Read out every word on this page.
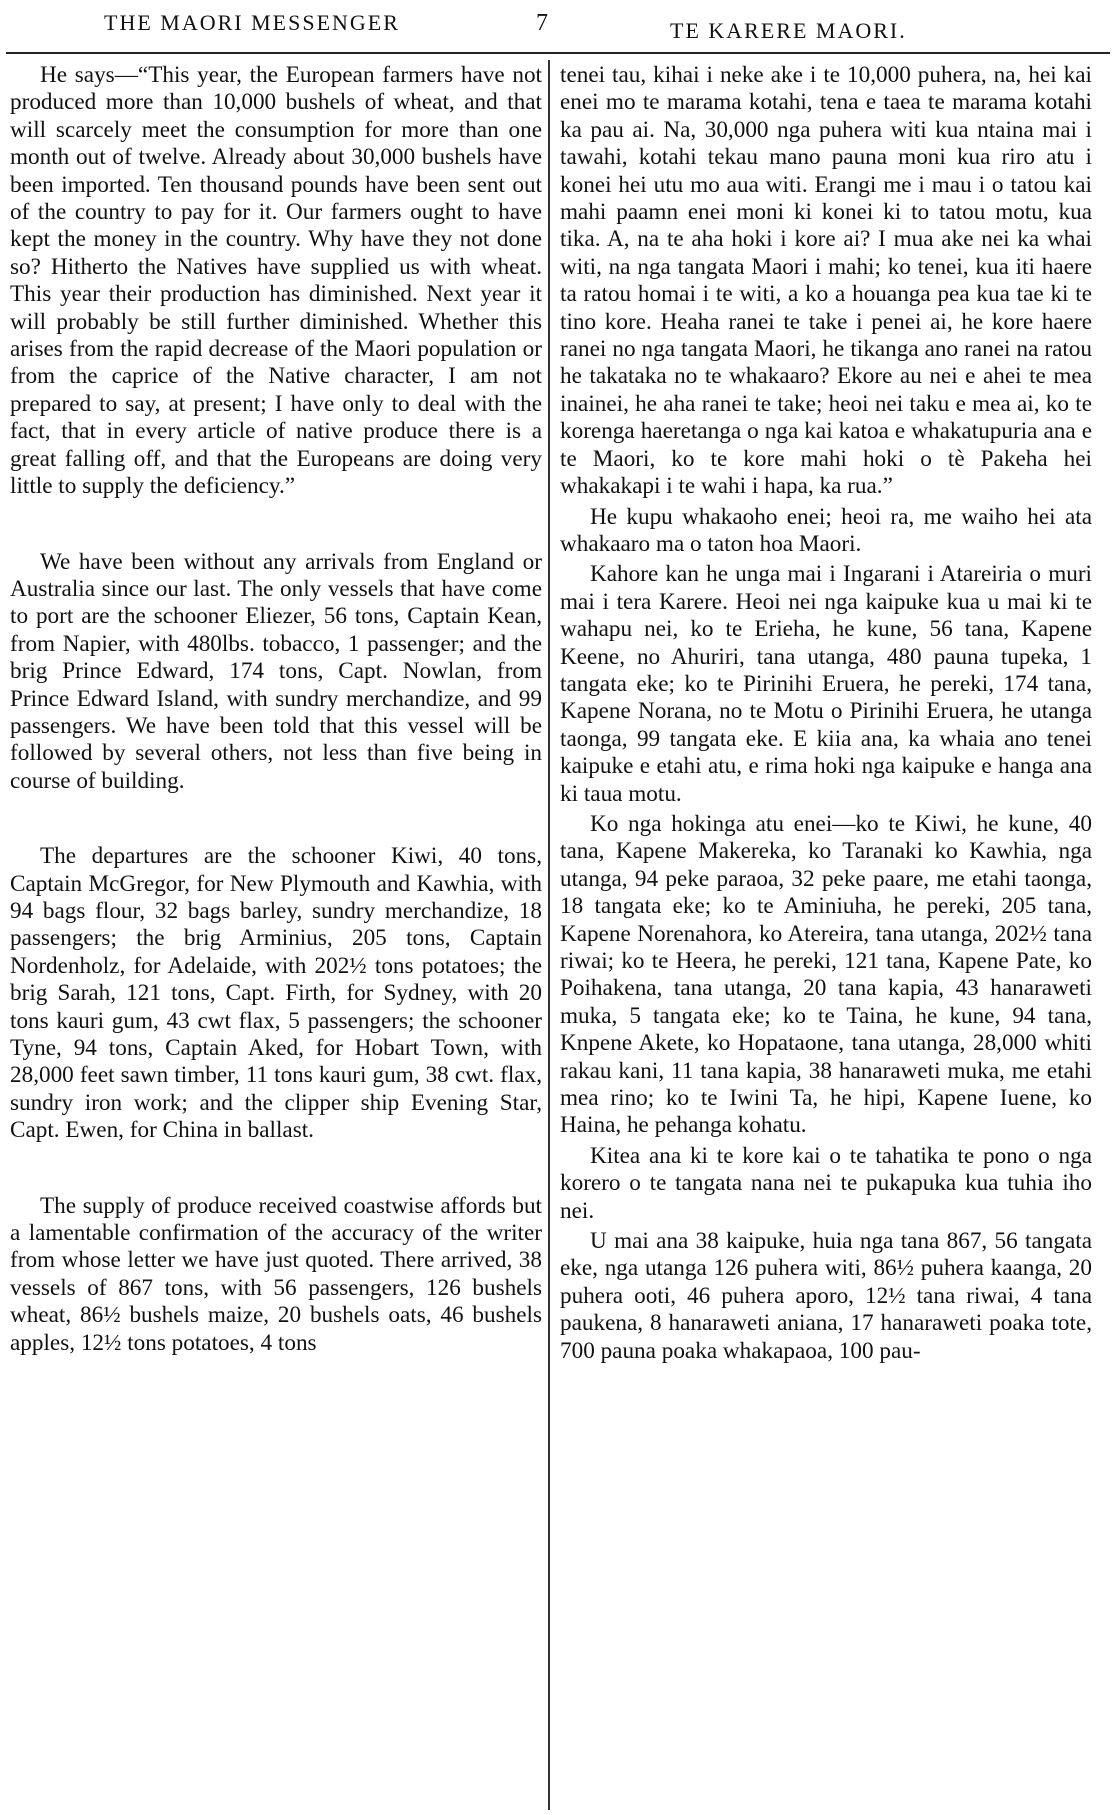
THE MAORI MESSENGER	7	TE KARERE MAORI.

He says—“This year, the European farmers have not produced more than 10,000 bushels of wheat, and that will scarcely meet the consumption for more than one month out of twelve. Already about 30,000 bushels have been imported. Ten thousand pounds have been sent out of the country to pay for it. Our farmers ought to have kept the money in the country. Why have they not done so? Hitherto the Natives have supplied us with wheat. This year their production has diminished. Next year it will probably be still further diminished. Whether this arises from the rapid decrease of the Maori population or from the caprice of the Native character, I am not prepared to say, at present; I have only to deal with the fact, that in every article of native produce there is a great falling off, and that the Europeans are doing very little to supply the deficiency.”

We have been without any arrivals from England or Australia since our last. The only vessels that have come to port are the schooner Eliezer, 56 tons, Captain Kean, from Napier, with 480lbs. tobacco, 1 passenger; and the brig Prince Edward, 174 tons, Capt. Nowlan, from Prince Edward Island, with sundry merchandize, and 99 passengers. We have been told that this vessel will be followed by several others, not less than five being in course of building.

The departures are the schooner Kiwi, 40 tons, Captain McGregor, for New Plymouth and Kawhia, with 94 bags flour, 32 bags barley, sundry merchandize, 18 passengers; the brig Arminius, 205 tons, Captain Nordenholz, for Adelaide, with 202½ tons potatoes; the brig Sarah, 121 tons, Capt. Firth, for Sydney, with 20 tons kauri gum, 43 cwt flax, 5 passengers; the schooner Tyne, 94 tons, Captain Aked, for Hobart Town, with 28,000 feet sawn timber, 11 tons kauri gum, 38 cwt. flax, sundry iron work; and the clipper ship Evening Star, Capt. Ewen, for China in ballast.

The supply of produce received coastwise affords but a lamentable confirmation of the accuracy of the writer from whose letter we have just quoted. There arrived, 38 vessels of 867 tons, with 56 passengers, 126 bushels wheat, 86½ bushels maize, 20 bushels oats, 46 bushels apples, 12½ tons potatoes, 4 tons

tenei tau, kihai i neke ake i te 10,000 puhera, na, hei kai enei mo te marama kotahi, tena e taea te marama kotahi ka pau ai. Na, 30,000 nga puhera witi kua ntaina mai i tawahi, kotahi tekau mano pauna moni kua riro atu i konei hei utu mo aua witi. Erangi me i mau i o tatou kai mahi paamn enei moni ki konei ki to tatou motu, kua tika. A, na te aha hoki i kore ai? I mua ake nei ka whai witi, na nga tangata Maori i mahi; ko tenei, kua iti haere ta ratou homai i te witi, a ko a houanga pea kua tae ki te tino kore. Heaha ranei te take i penei ai, he kore haere ranei no nga tangata Maori, he tikanga ano ranei na ratou he takataka no te whakaaro? Ekore au nei e ahei te mea inainei, he aha ranei te take; heoi nei taku e mea ai, ko te korenga haeretanga o nga kai katoa e whakatupuria ana e te Maori, ko te kore mahi hoki o tè Pakeha hei whakakapi i te wahi i hapa, ka rua.”

He kupu whakaoho enei; heoi ra, me waiho hei ata whakaaro ma o taton hoa Maori.

Kahore kan he unga mai i Ingarani i Atareiria o muri mai i tera Karere. Heoi nei nga kaipuke kua u mai ki te wahapu nei, ko te Erieha, he kune, 56 tana, Kapene Keene, no Ahuriri, tana utanga, 480 pauna tupeka, 1 tangata eke; ko te Pirinihi Eruera, he pereki, 174 tana, Kapene Norana, no te Motu o Pirinihi Eruera, he utanga taonga, 99 tangata eke. E kiia ana, ka whaia ano tenei kaipuke e etahi atu, e rima hoki nga kaipuke e hanga ana ki taua motu.

Ko nga hokinga atu enei—ko te Kiwi, he kune, 40 tana, Kapene Makereka, ko Taranaki ko Kawhia, nga utanga, 94 peke paraoa, 32 peke paare, me etahi taonga, 18 tangata eke; ko te Aminiuha, he pereki, 205 tana, Kapene Norenahora, ko Atereira, tana utanga, 202½ tana riwai; ko te Heera, he pereki, 121 tana, Kapene Pate, ko Poihakena, tana utanga, 20 tana kapia, 43 hanaraweti muka, 5 tangata eke; ko te Taina, he kune, 94 tana, Knpene Akete, ko Hopataone, tana utanga, 28,000 whiti rakau kani, 11 tana kapia, 38 hanaraweti muka, me etahi mea rino; ko te Iwini Ta, he hipi, Kapene Iuene, ko Haina, he pehanga kohatu.

Kitea ana ki te kore kai o te tahatika te pono o nga korero o te tangata nana nei te pukapuka kua tuhia iho nei.

U mai ana 38 kaipuke, huia nga tana 867, 56 tangata eke, nga utanga 126 puhera witi, 86½ puhera kaanga, 20 puhera ooti, 46 puhera aporo, 12½ tana riwai, 4 tana paukena, 8 hanaraweti aniana, 17 hanaraweti poaka tote, 700 pauna poaka whakapaoa, 100 pau-
